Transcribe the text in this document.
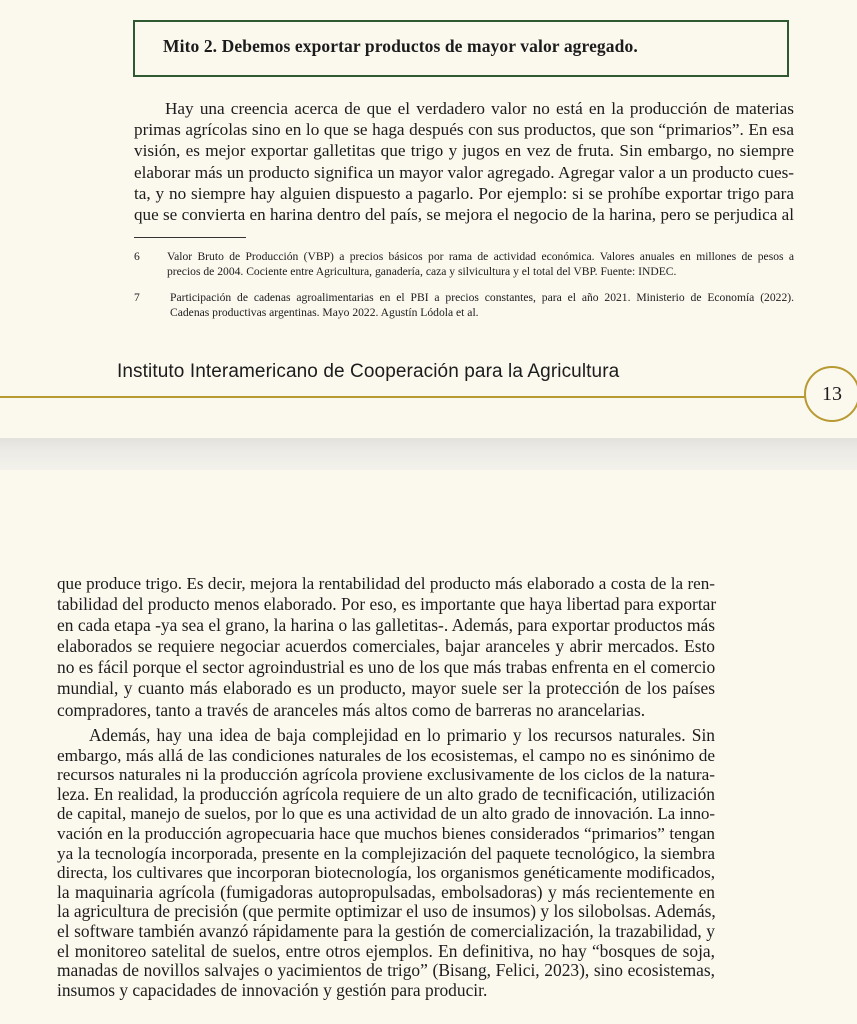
Mito 2. Debemos exportar productos de mayor valor agregado.
Hay una creencia acerca de que el verdadero valor no está en la producción de materias
primas agrícolas sino en lo que se haga después con sus productos, que son “primarios”. En esa
visión, es mejor exportar galletitas que trigo y jugos en vez de fruta. Sin embargo, no siempre
elaborar más un producto significa un mayor valor agregado. Agregar valor a un producto cues-
ta, y no siempre hay alguien dispuesto a pagarlo. Por ejemplo: si se prohíbe exportar trigo para
que se convierta en harina dentro del país, se mejora el negocio de la harina, pero se perjudica al
6 Valor Bruto de Producción (VBP) a precios básicos por rama de actividad económica. Valores anuales en millones de pesos a
precios de 2004. Cociente entre Agricultura, ganadería, caza y silvicultura y el total del VBP. Fuente: INDEC.
7	Participación de cadenas agroalimentarias en el PBI a precios constantes, para el año 2021. Ministerio de Economía (2022).
Cadenas productivas argentinas. Mayo 2022. Agustín Lódola et al.
Instituto Interamericano de Cooperación para la Agricultura
13
que produce trigo. Es decir, mejora la rentabilidad del producto más elaborado a costa de la ren-
tabilidad del producto menos elaborado. Por eso, es importante que haya libertad para exportar
en cada etapa -ya sea el grano, la harina o las galletitas-. Además, para exportar productos más
elaborados se requiere negociar acuerdos comerciales, bajar aranceles y abrir mercados. Esto
no es fácil porque el sector agroindustrial es uno de los que más trabas enfrenta en el comercio
mundial, y cuanto más elaborado es un producto, mayor suele ser la protección de los países
compradores, tanto a través de aranceles más altos como de barreras no arancelarias.
Además, hay una idea de baja complejidad en lo primario y los recursos naturales. Sin
embargo, más allá de las condiciones naturales de los ecosistemas, el campo no es sinónimo de
recursos naturales ni la producción agrícola proviene exclusivamente de los ciclos de la natura-
leza. En realidad, la producción agrícola requiere de un alto grado de tecnificación, utilización
de capital, manejo de suelos, por lo que es una actividad de un alto grado de innovación. La inno-
vación en la producción agropecuaria hace que muchos bienes considerados “primarios” tengan
ya la tecnología incorporada, presente en la complejización del paquete tecnológico, la siembra
directa, los cultivares que incorporan biotecnología, los organismos genéticamente modificados,
la maquinaria agrícola (fumigadoras autopropulsadas, embolsadoras) y más recientemente en
la agricultura de precisión (que permite optimizar el uso de insumos) y los silobolsas. Además,
el software también avanzó rápidamente para la gestión de comercialización, la trazabilidad, y
el monitoreo satelital de suelos, entre otros ejemplos. En definitiva, no hay “bosques de soja,
manadas de novillos salvajes o yacimientos de trigo” (Bisang, Felici, 2023), sino ecosistemas,
insumos y capacidades de innovación y gestión para producir.
